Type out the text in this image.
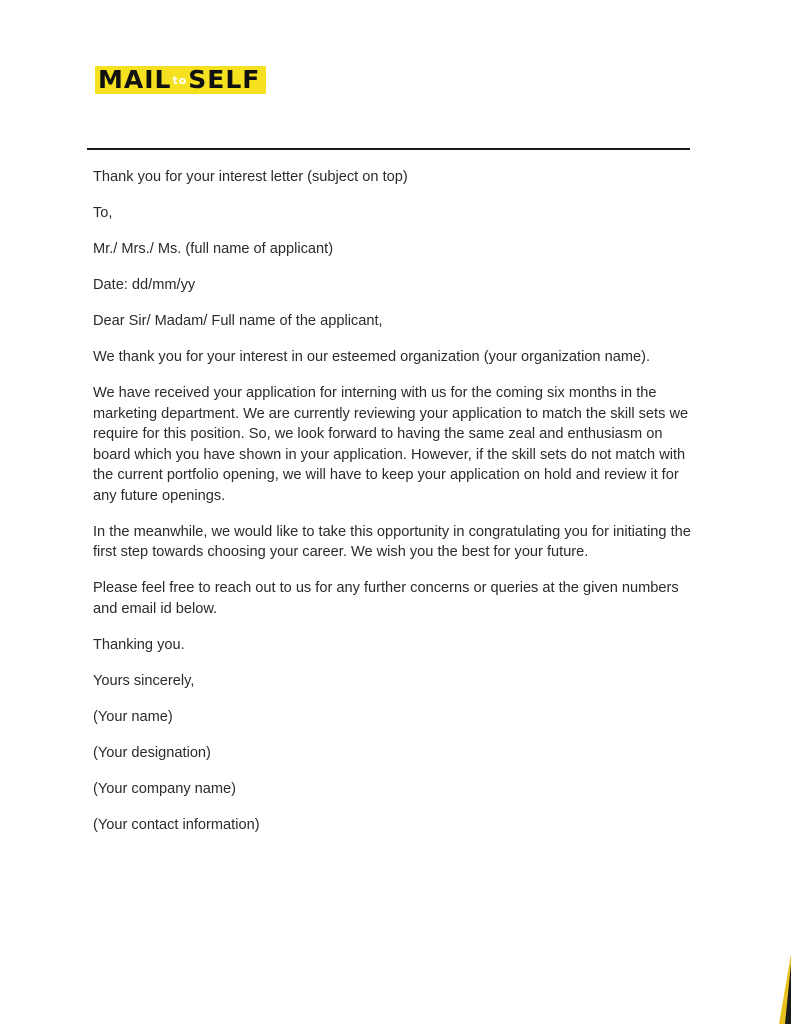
MAILtoSELF

Thank you for your interest letter (subject on top)

To,

Mr./ Mrs./ Ms. (full name of applicant)

Date: dd/mm/yy

Dear Sir/ Madam/ Full name of the applicant,

We thank you for your interest in our esteemed organization (your organization name).

We have received your application for interning with us for the coming six months in the marketing department. We are currently reviewing your application to match the skill sets we require for this position. So, we look forward to having the same zeal and enthusiasm on board which you have shown in your application. However, if the skill sets do not match with the current portfolio opening, we will have to keep your application on hold and review it for any future openings.

In the meanwhile, we would like to take this opportunity in congratulating you for initiating the first step towards choosing your career. We wish you the best for your future.

Please feel free to reach out to us for any further concerns or queries at the given numbers and email id below.

Thanking you.

Yours sincerely,

(Your name)

(Your designation)

(Your company name)

(Your contact information)
